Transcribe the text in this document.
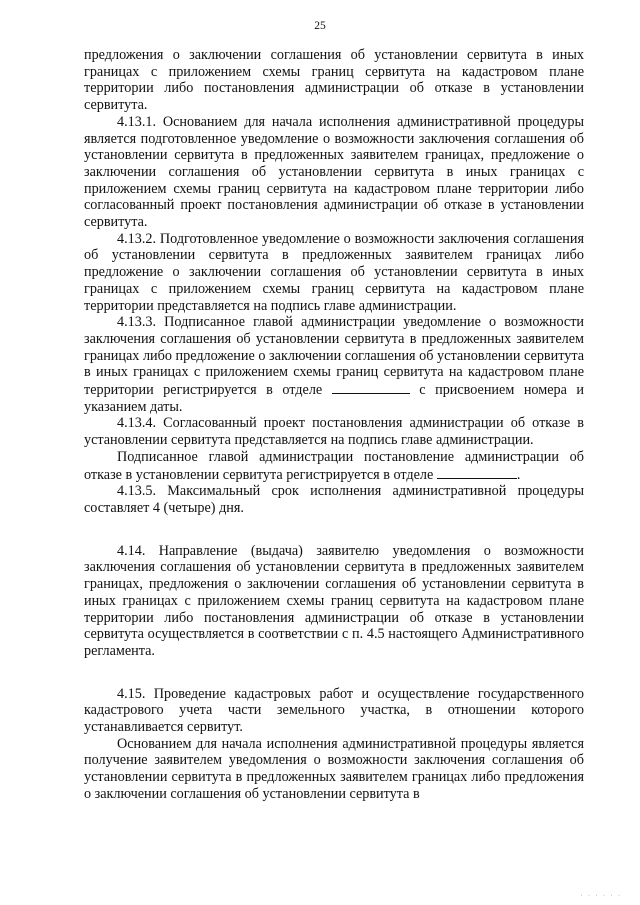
25

предложения о заключении соглашения об установлении сервитута в иных границах с приложением схемы границ сервитута на кадастровом плане территории либо постановления администрации об отказе в установлении сервитута.

4.13.1. Основанием для начала исполнения административной процедуры является подготовленное уведомление о возможности заключения соглашения об установлении сервитута в предложенных заявителем границах, предложение о заключении соглашения об установлении сервитута в иных границах с приложением схемы границ сервитута на кадастровом плане территории либо согласованный проект постановления администрации об отказе в установлении сервитута.

4.13.2. Подготовленное уведомление о возможности заключения соглашения об установлении сервитута в предложенных заявителем границах либо предложение о заключении соглашения об установлении сервитута в иных границах с приложением схемы границ сервитута на кадастровом плане территории представляется на подпись главе администрации.

4.13.3. Подписанное главой администрации уведомление о возможности заключения соглашения об установлении сервитута в предложенных заявителем границах либо предложение о заключении соглашения об установлении сервитута в иных границах с приложением схемы границ сервитута на кадастровом плане территории регистрируется в отделе	с присвоением номера и указанием даты.

4.13.4. Согласованный проект постановления администрации об отказе в установлении сервитута представляется на подпись главе администрации.

Подписанное главой администрации постановление администрации об отказе в установлении сервитута регистрируется в отделе	.

4.13.5. Максимальный срок исполнения административной процедуры составляет 4 (четыре) дня.

4.14. Направление (выдача) заявителю уведомления о возможности заключения соглашения об установлении сервитута в предложенных заявителем границах, предложения о заключении соглашения об установлении сервитута в иных границах с приложением схемы границ сервитута на кадастровом плане территории либо постановления администрации об отказе в установлении сервитута осуществляется в соответствии с п. 4.5 настоящего Административного регламента.

4.15. Проведение кадастровых работ и осуществление государственного кадастрового учета части земельного участка, в отношении которого устанавливается сервитут.

Основанием для начала исполнения административной процедуры является получение заявителем уведомления о возможности заключения соглашения об установлении сервитута в предложенных заявителем границах либо предложения о заключении соглашения об установлении сервитута в

· · · · · ·
